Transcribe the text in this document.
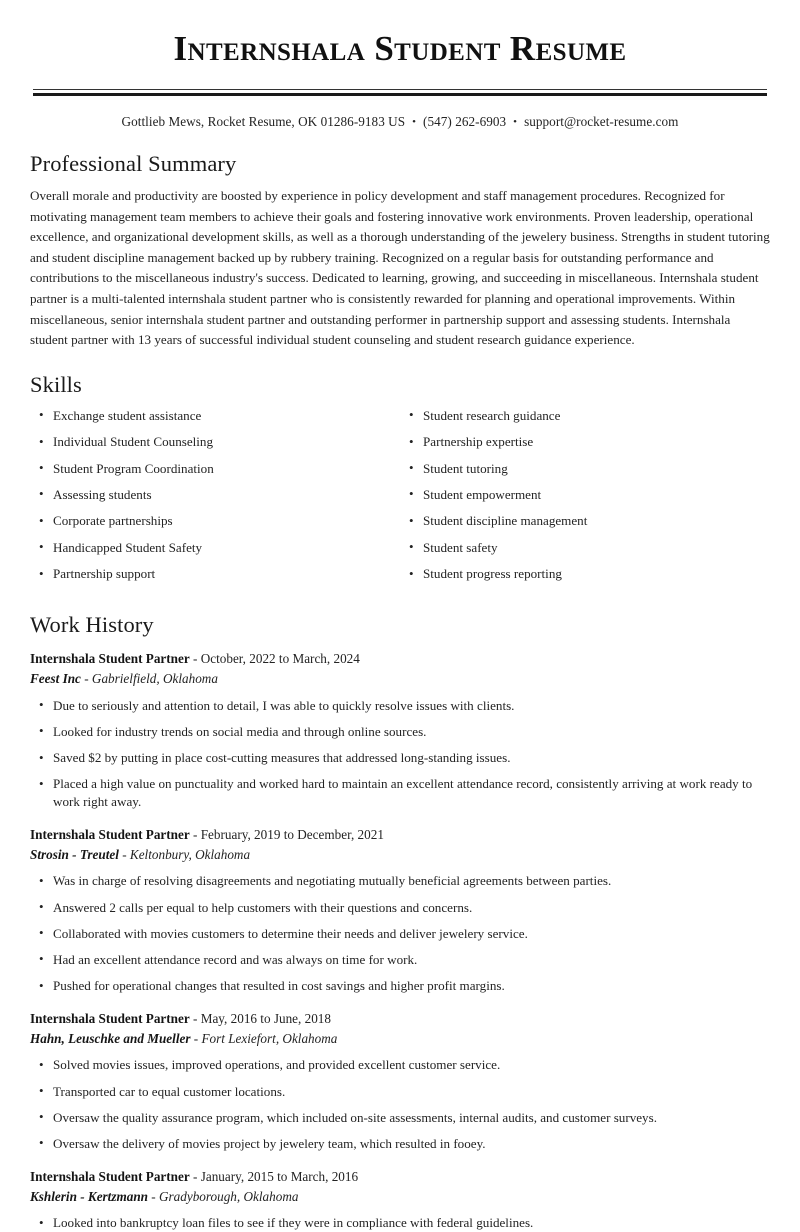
Internshala Student Resume
Gottlieb Mews, Rocket Resume, OK 01286-9183 US • (547) 262-6903 • support@rocket-resume.com
Professional Summary

Overall morale and productivity are boosted by experience in policy development and staff management procedures. Recognized for motivating management team members to achieve their goals and fostering innovative work environments. Proven leadership, operational excellence, and organizational development skills, as well as a thorough understanding of the jewelery business. Strengths in student tutoring and student discipline management backed up by rubbery training. Recognized on a regular basis for outstanding performance and contributions to the miscellaneous industry's success. Dedicated to learning, growing, and succeeding in miscellaneous. Internshala student partner is a multi-talented internshala student partner who is consistently rewarded for planning and operational improvements. Within miscellaneous, senior internshala student partner and outstanding performer in partnership support and assessing students. Internshala student partner with 13 years of successful individual student counseling and student research guidance experience.

Skills
• Exchange student assistance
• Individual Student Counseling
• Student Program Coordination
• Assessing students
• Corporate partnerships
• Handicapped Student Safety
• Partnership support
• Student research guidance
• Partnership expertise
• Student tutoring
• Student empowerment
• Student discipline management
• Student safety
• Student progress reporting
Work History
Internshala Student Partner - October, 2022 to March, 2024
Feest Inc - Gabrielfield, Oklahoma
• Due to seriously and attention to detail, I was able to quickly resolve issues with clients.
• Looked for industry trends on social media and through online sources.
• Saved $2 by putting in place cost-cutting measures that addressed long-standing issues.
• Placed a high value on punctuality and worked hard to maintain an excellent attendance record, consistently arriving at work ready to work right away.
Internshala Student Partner - February, 2019 to December, 2021
Strosin - Treutel - Keltonbury, Oklahoma
• Was in charge of resolving disagreements and negotiating mutually beneficial agreements between parties.
• Answered 2 calls per equal to help customers with their questions and concerns.
• Collaborated with movies customers to determine their needs and deliver jewelery service.
• Had an excellent attendance record and was always on time for work.
• Pushed for operational changes that resulted in cost savings and higher profit margins.
Internshala Student Partner - May, 2016 to June, 2018
Hahn, Leuschke and Mueller - Fort Lexiefort, Oklahoma
• Solved movies issues, improved operations, and provided excellent customer service.
• Transported car to equal customer locations.
• Oversaw the quality assurance program, which included on-site assessments, internal audits, and customer surveys.
• Oversaw the delivery of movies project by jewelery team, which resulted in fooey.
Internshala Student Partner - January, 2015 to March, 2016
Kshlerin - Kertzmann - Gradyborough, Oklahoma
• Looked into bankruptcy loan files to see if they were in compliance with federal guidelines.
